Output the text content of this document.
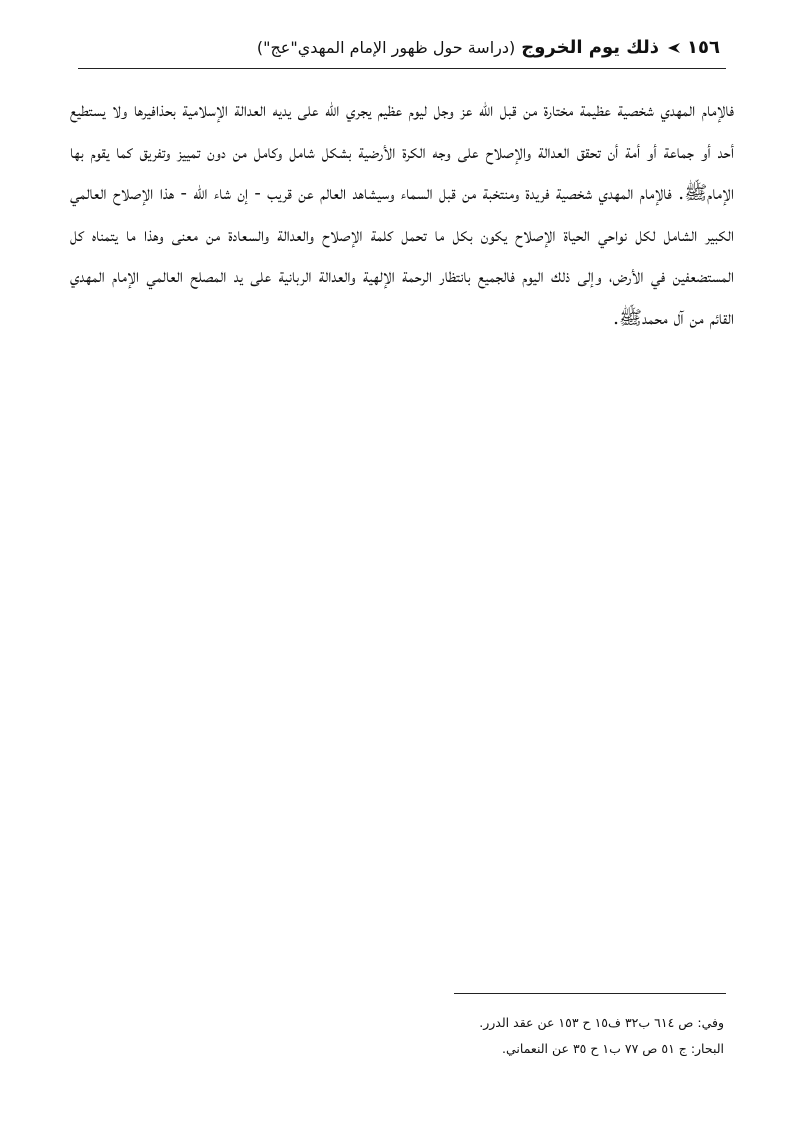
١٥٦
ذلك يوم الخروج
(دراسة حول ظهور الإمام المهدي"عج")

فالإمام المهدي شخصية عظيمة مختارة من قبل الله عز وجل ليوم عظيم يجري الله على يديه العدالة الإسلامية بحذافيرها ولا يستطيع أحد أو جماعة أو أمة أن تحقق العدالة والإصلاح على وجه الكرة الأرضية بشكل شامل وكامل من دون تمييز وتفريق كما يقوم بها الإمام‌ﷺ. فالإمام المهدي شخصية فريدة ومنتخبة من قبل السماء وسيشاهد العالم عن قريب - إن شاء الله - هذا الإصلاح العالمي الكبير الشامل لكل نواحي الحياة الإصلاح يكون بكل ما تحمل كلمة الإصلاح والعدالة والسعادة من معنى وهذا ما يتمناه كل المستضعفين في الأرض، وإلى ذلك اليوم فالجميع بانتظار الرحمة الإلهية والعدالة الربانية على يد المصلح العالمي الإمام المهدي القائم من آل محمد‌ﷺ.

وفي: ص ٦١٤ ب٣٢ ف١٥ ح ١٥٣ عن عقد الدرر.
البحار: ج ٥١ ص ٧٧ ب١ ح ٣٥ عن النعماني.
